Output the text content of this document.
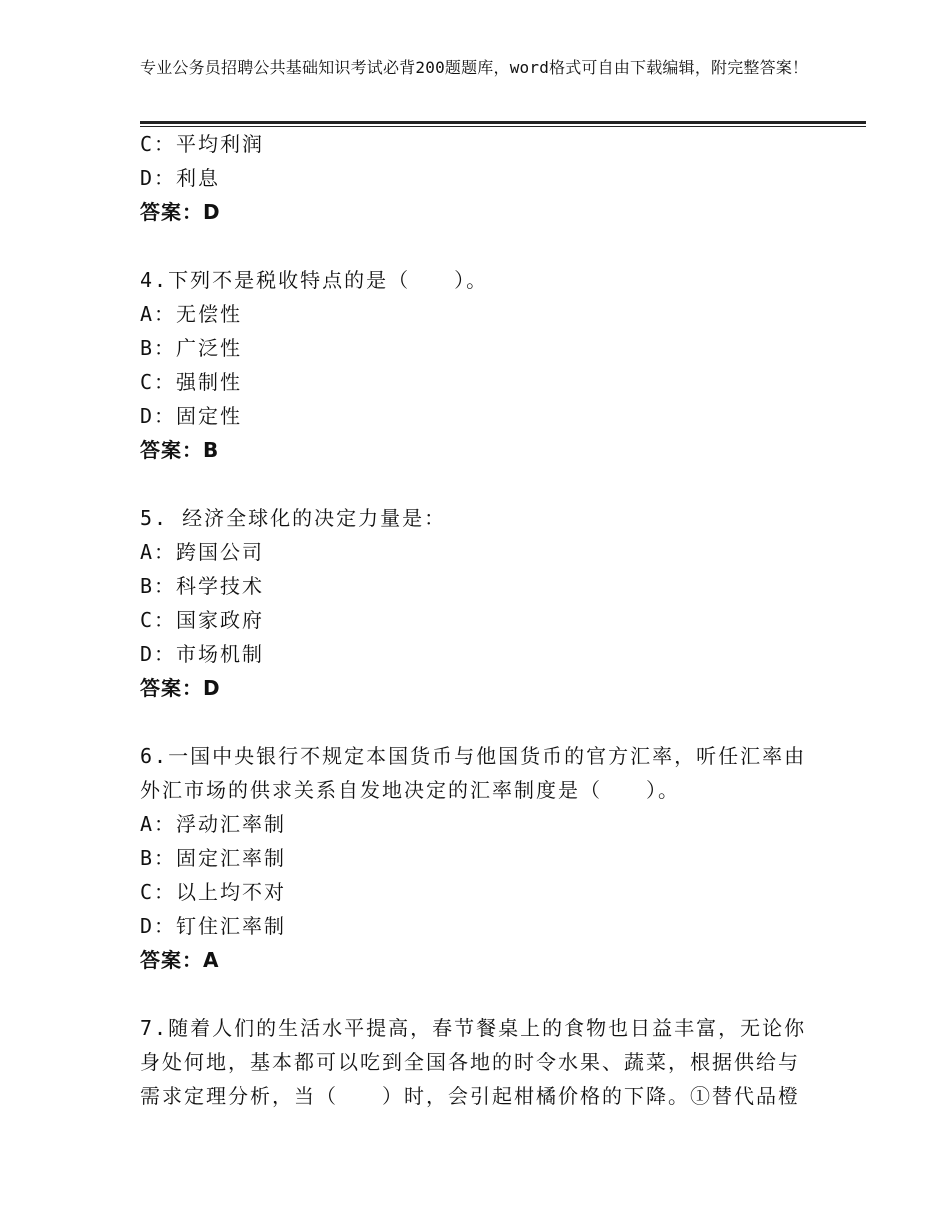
专业公务员招聘公共基础知识考试必背200题题库，word格式可自由下载编辑，附完整答案！
C：平均利润
D：利息
答案：D
4.下列不是税收特点的是（　　）。
A：无偿性
B：广泛性
C：强制性
D：固定性
答案：B
5. 经济全球化的决定力量是：
A：跨国公司
B：科学技术
C：国家政府
D：市场机制
答案：D
6.一国中央银行不规定本国货币与他国货币的官方汇率，听任汇率由
外汇市场的供求关系自发地决定的汇率制度是（　　）。
A：浮动汇率制
B：固定汇率制
C：以上均不对
D：钉住汇率制
答案：A
7.随着人们的生活水平提高，春节餐桌上的食物也日益丰富，无论你
身处何地，基本都可以吃到全国各地的时令水果、蔬菜，根据供给与
需求定理分析，当（　　）时，会引起柑橘价格的下降。①替代品橙
